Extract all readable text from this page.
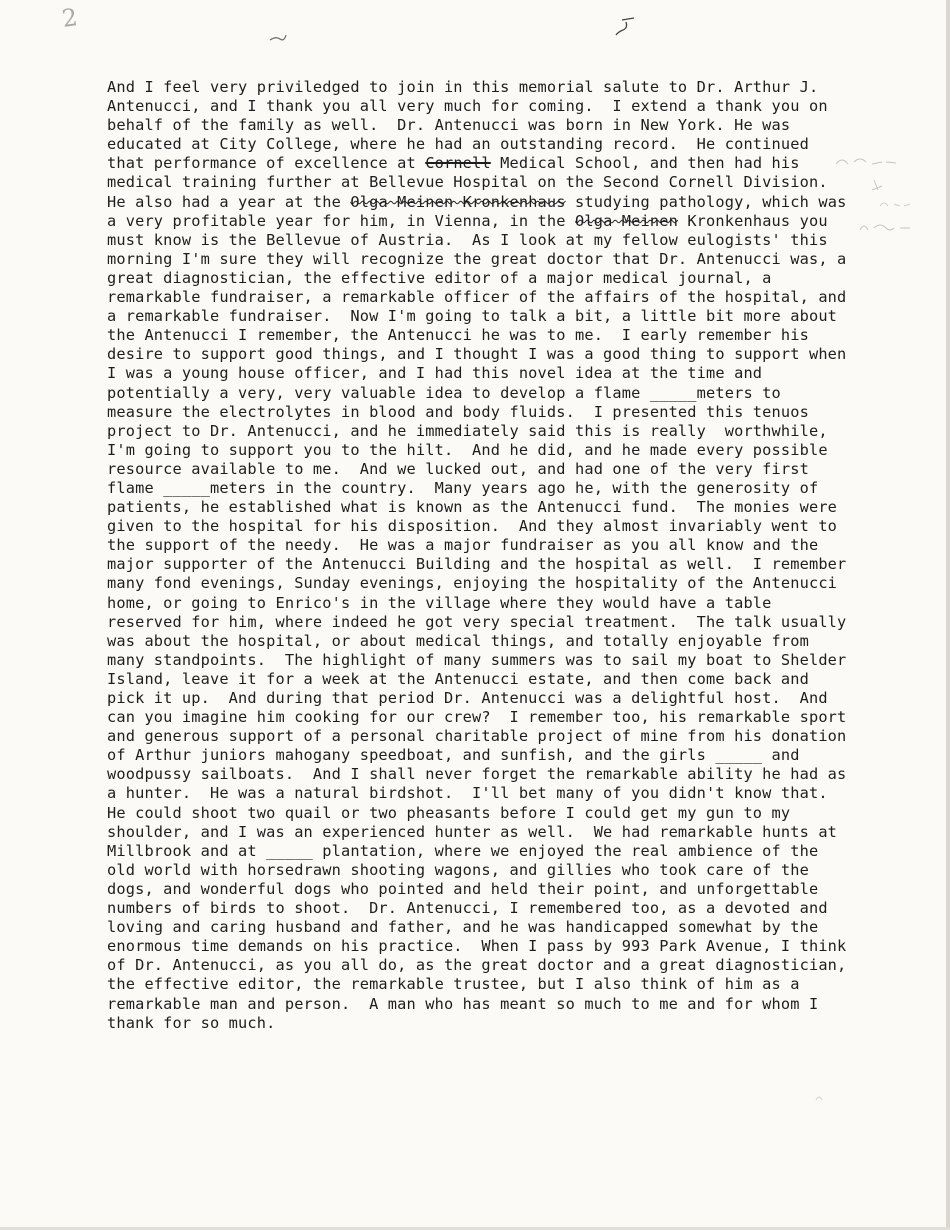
2
And I feel very priviledged to join in this memorial salute to Dr. Arthur J.
Antenucci, and I thank you all very much for coming.  I extend a thank you on
behalf of the family as well.  Dr. Antenucci was born in New York. He was
educated at City College, where he had an outstanding record.  He continued
that performance of excellence at Cornell Medical School, and then had his
medical training further at Bellevue Hospital on the Second Cornell Division.
He also had a year at the Olga Meinen Kronkenhaus studying pathology, which was
a very profitable year for him, in Vienna, in the Olga Meinen Kronkenhaus you
must know is the Bellevue of Austria.  As I look at my fellow eulogists' this
morning I'm sure they will recognize the great doctor that Dr. Antenucci was, a
great diagnostician, the effective editor of a major medical journal, a
remarkable fundraiser, a remarkable officer of the affairs of the hospital, and
a remarkable fundraiser.  Now I'm going to talk a bit, a little bit more about
the Antenucci I remember, the Antenucci he was to me.  I early remember his
desire to support good things, and I thought I was a good thing to support when
I was a young house officer, and I had this novel idea at the time and
potentially a very, very valuable idea to develop a flame _____meters to
measure the electrolytes in blood and body fluids.  I presented this tenuos
project to Dr. Antenucci, and he immediately said this is really  worthwhile,
I'm going to support you to the hilt.  And he did, and he made every possible
resource available to me.  And we lucked out, and had one of the very first
flame _____meters in the country.  Many years ago he, with the generosity of
patients, he established what is known as the Antenucci fund.  The monies were
given to the hospital for his disposition.  And they almost invariably went to
the support of the needy.  He was a major fundraiser as you all know and the
major supporter of the Antenucci Building and the hospital as well.  I remember
many fond evenings, Sunday evenings, enjoying the hospitality of the Antenucci
home, or going to Enrico's in the village where they would have a table
reserved for him, where indeed he got very special treatment.  The talk usually
was about the hospital, or about medical things, and totally enjoyable from
many standpoints.  The highlight of many summers was to sail my boat to Shelder
Island, leave it for a week at the Antenucci estate, and then come back and
pick it up.  And during that period Dr. Antenucci was a delightful host.  And
can you imagine him cooking for our crew?  I remember too, his remarkable sport
and generous support of a personal charitable project of mine from his donation
of Arthur juniors mahogany speedboat, and sunfish, and the girls _____ and
woodpussy sailboats.  And I shall never forget the remarkable ability he had as
a hunter.  He was a natural birdshot.  I'll bet many of you didn't know that.
He could shoot two quail or two pheasants before I could get my gun to my
shoulder, and I was an experienced hunter as well.  We had remarkable hunts at
Millbrook and at _____ plantation, where we enjoyed the real ambience of the
old world with horsedrawn shooting wagons, and gillies who took care of the
dogs, and wonderful dogs who pointed and held their point, and unforgettable
numbers of birds to shoot.  Dr. Antenucci, I remembered too, as a devoted and
loving and caring husband and father, and he was handicapped somewhat by the
enormous time demands on his practice.  When I pass by 993 Park Avenue, I think
of Dr. Antenucci, as you all do, as the great doctor and a great diagnostician,
the effective editor, the remarkable trustee, but I also think of him as a
remarkable man and person.  A man who has meant so much to me and for whom I
thank for so much.
